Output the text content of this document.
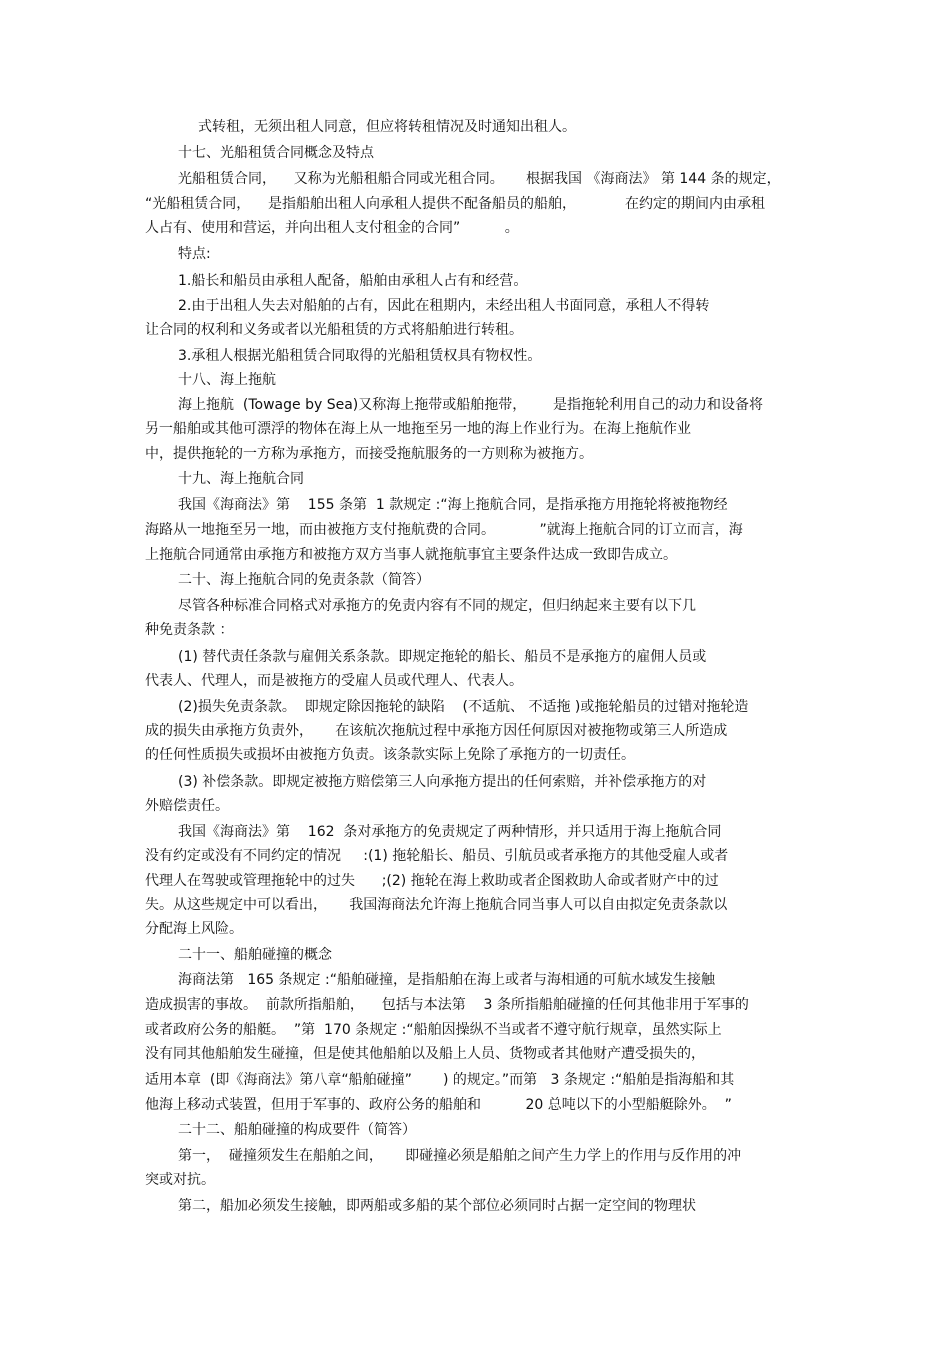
式转租，无须出租人同意，但应将转租情况及时通知出租人。

十七、光船租赁合同概念及特点

光船租赁合同，    又称为光船租船合同或光租合同。     根据我国 《海商法》 第 144 条的规定，

“光船租赁合同，    是指船舶出租人向承租人提供不配备船员的船舶，           在约定的期间内由承租

人占有、使用和营运，并向出租人支付租金的合同”          。

特点:

1.船长和船员由承租人配备，船舶由承租人占有和经营。

2.由于出租人失去对船舶的占有，因此在租期内，未经出租人书面同意，承租人不得转

让合同的权利和义务或者以光船租赁的方式将船舶进行转租。

3.承租人根据光船租赁合同取得的光船租赁权具有物权性。

十八、海上拖航

海上拖航  (Towage by Sea)又称海上拖带或船舶拖带，      是指拖轮利用自己的动力和设备将

另一船舶或其他可漂浮的物体在海上从一地拖至另一地的海上作业行为。在海上拖航作业

中，提供拖轮的一方称为承拖方，而接受拖航服务的一方则称为被拖方。

十九、海上拖航合同

我国《海商法》第    155 条第  1 款规定 :“海上拖航合同，是指承拖方用拖轮将被拖物经

海路从一地拖至另一地，而由被拖方支付拖航费的合同。          ”就海上拖航合同的订立而言，海

上拖航合同通常由承拖方和被拖方双方当事人就拖航事宜主要条件达成一致即告成立。

二十、海上拖航合同的免责条款（简答）

尽管各种标准合同格式对承拖方的免责内容有不同的规定，但归纳起来主要有以下几

种免责条款 ：

(1) 替代责任条款与雇佣关系条款。即规定拖轮的船长、船员不是承拖方的雇佣人员或

代表人、代理人，而是被拖方的受雇人员或代理人、代表人。

(2)损失免责条款。  即规定除因拖轮的缺陷    (不适航、 不适拖 )或拖轮船员的过错对拖轮造

成的损失由承拖方负责外，     在该航次拖航过程中承拖方因任何原因对被拖物或第三人所造成

的任何性质损失或损坏由被拖方负责。该条款实际上免除了承拖方的一切责任。

(3) 补偿条款。即规定被拖方赔偿第三人向承拖方提出的任何索赔，并补偿承拖方的对

外赔偿责任。

我国《海商法》第    162  条对承拖方的免责规定了两种情形，并只适用于海上拖航合同

没有约定或没有不同约定的情况     :(1) 拖轮船长、船员、引航员或者承拖方的其他受雇人或者

代理人在驾驶或管理拖轮中的过失      ;(2) 拖轮在海上救助或者企图救助人命或者财产中的过

失。从这些规定中可以看出，     我国海商法允许海上拖航合同当事人可以自由拟定免责条款以

分配海上风险。

二十一、船舶碰撞的概念

海商法第   165 条规定 :“船舶碰撞，是指船舶在海上或者与海相通的可航水域发生接触

造成损害的事故。  前款所指船舶，    包括与本法第    3 条所指船舶碰撞的任何其他非用于军事的

或者政府公务的船艇。  ”第  170 条规定 :“船舶因操纵不当或者不遵守航行规章，虽然实际上

没有同其他船舶发生碰撞，但是使其他船舶以及船上人员、货物或者其他财产遭受损失的，

适用本章  (即《海商法》第八章“船舶碰撞”       ) 的规定。”而第   3 条规定 :“船舶是指海船和其

他海上移动式装置，但用于军事的、政府公务的船舶和          20 总吨以下的小型船艇除外。  ”

二十二、船舶碰撞的构成要件（简答）

第一，  碰撞须发生在船舶之间，     即碰撞必须是船舶之间产生力学上的作用与反作用的冲

突或对抗。

第二，船加必须发生接触，即两船或多船的某个部位必须同时占据一定空间的物理状
